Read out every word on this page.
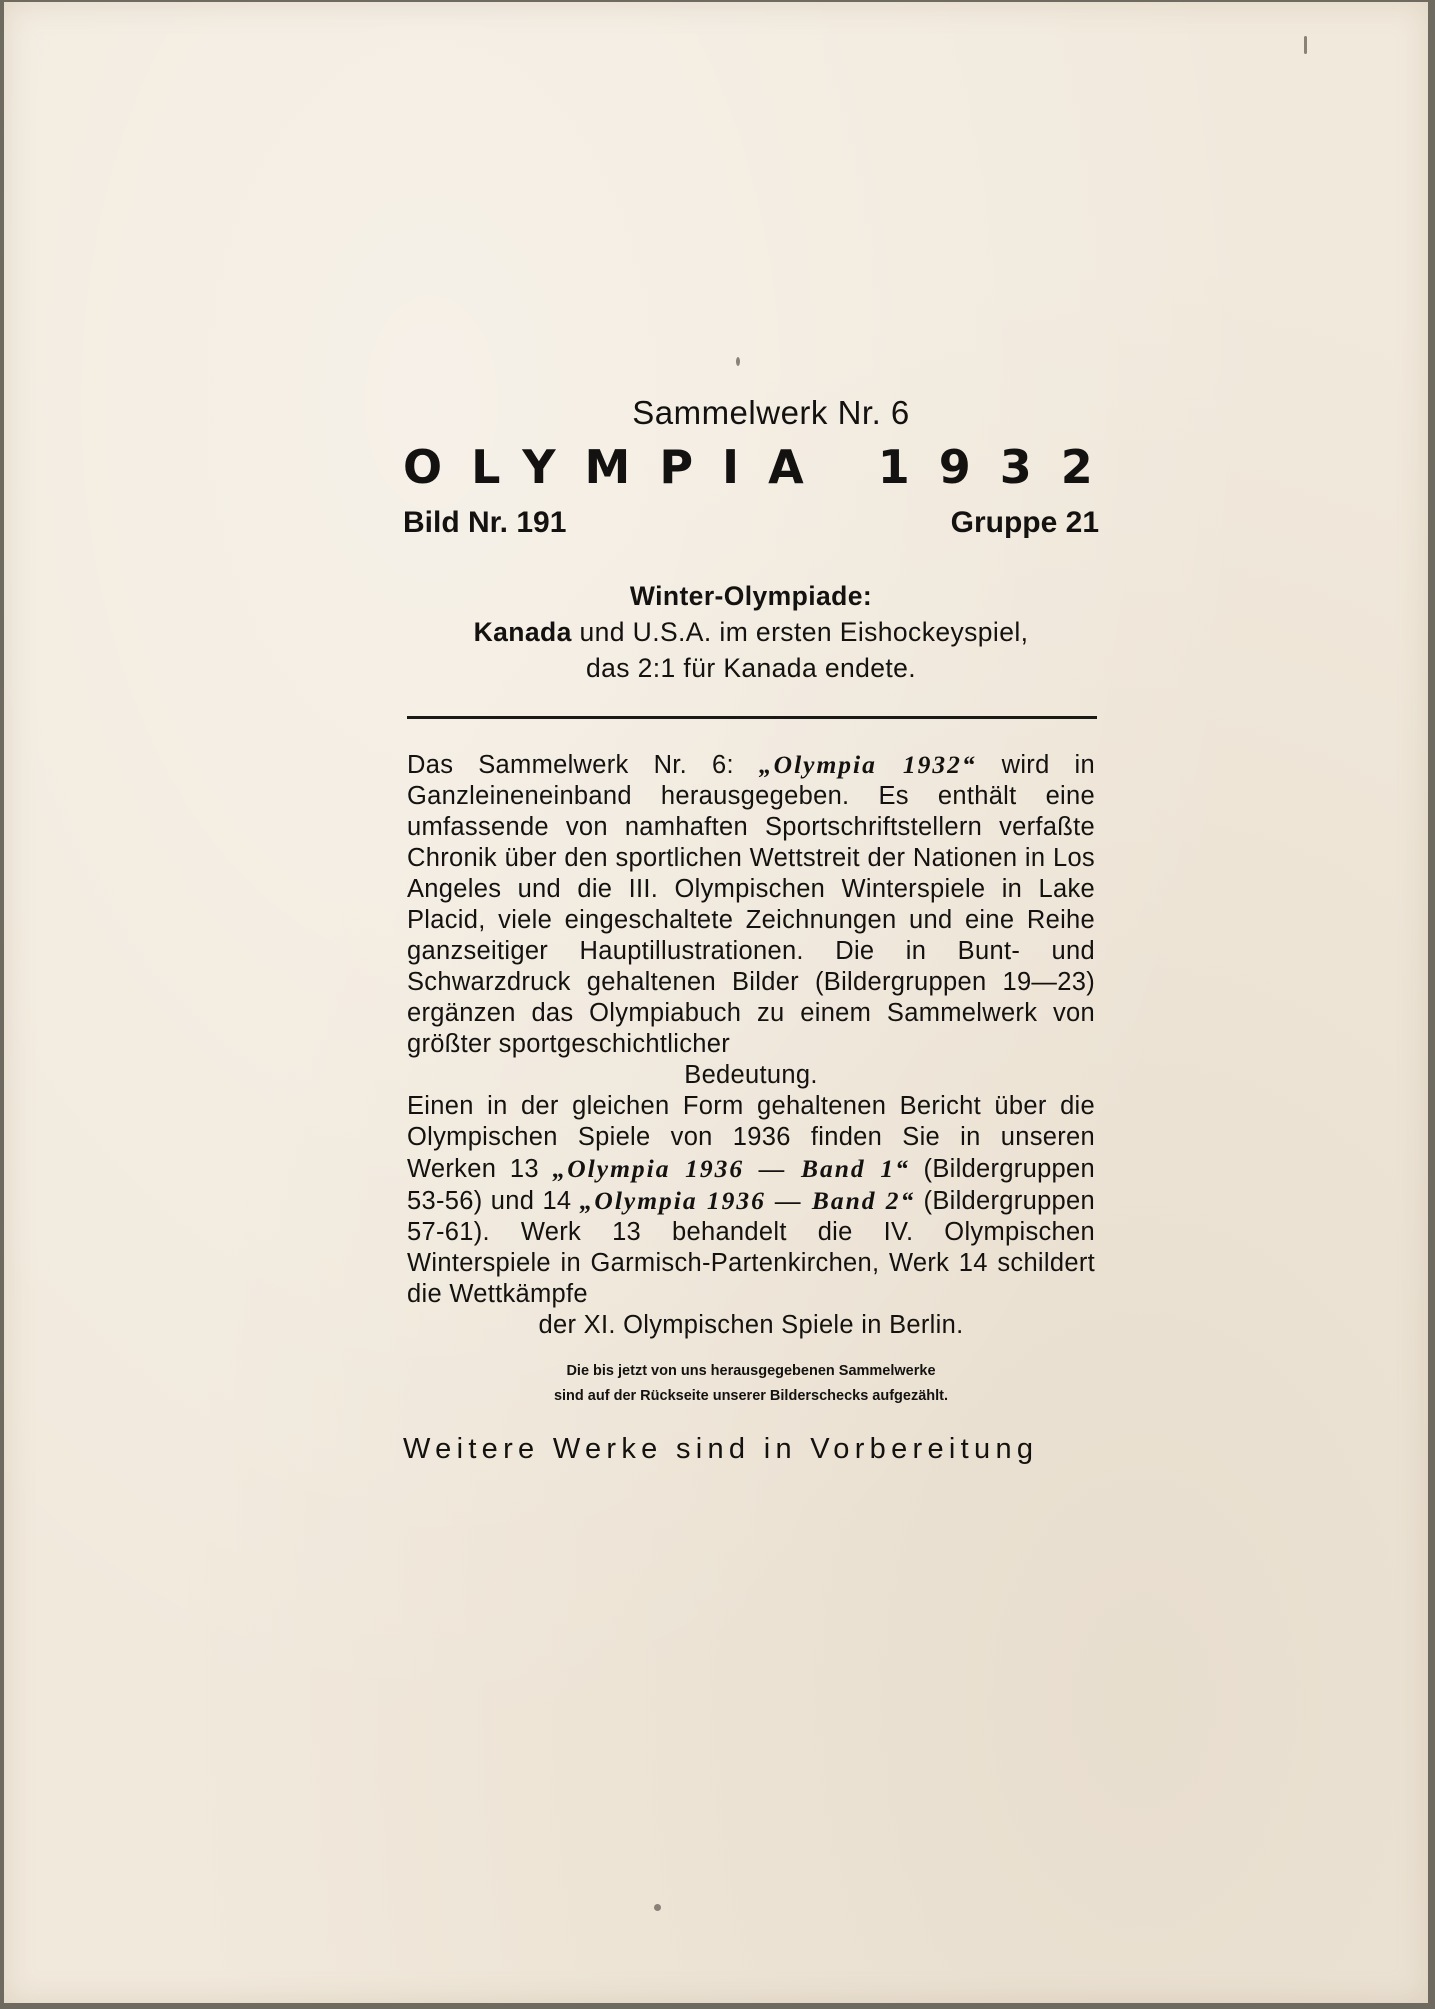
Sammelwerk Nr. 6
OLYMPIA 1932
Bild Nr. 191	Gruppe 21
Winter-Olympiade:
Kanada und U.S.A. im ersten Eishockeyspiel,
das 2:1 für Kanada endete.

Das Sammelwerk Nr. 6: „Olympia 1932“ wird in Ganzleineneinband herausgegeben. Es enthält eine umfassende von namhaften Sportschriftstellern verfaßte Chronik über den sportlichen Wettstreit der Nationen in Los Angeles und die III. Olympischen Winterspiele in Lake Placid, viele eingeschaltete Zeichnungen und eine Reihe ganzseitiger Hauptillustrationen. Die in Bunt- und Schwarzdruck gehaltenen Bilder (Bildergruppen 19—23) ergänzen das Olympiabuch zu einem Sammelwerk von größter sportgeschichtlicher

Bedeutung.

Einen in der gleichen Form gehaltenen Bericht über die Olympischen Spiele von 1936 finden Sie in unseren Werken 13 „Olympia 1936 — Band 1“ (Bildergruppen 53-56) und 14 „Olympia 1936 — Band 2“ (Bildergruppen 57-61). Werk 13 behandelt die IV. Olympischen Winterspiele in Garmisch-Partenkirchen, Werk 14 schildert die Wettkämpfe

der XI. Olympischen Spiele in Berlin.

Die bis jetzt von uns herausgegebenen Sammelwerke
sind auf der Rückseite unserer Bilderschecks aufgezählt.
Weitere Werke sind in Vorbereitung
